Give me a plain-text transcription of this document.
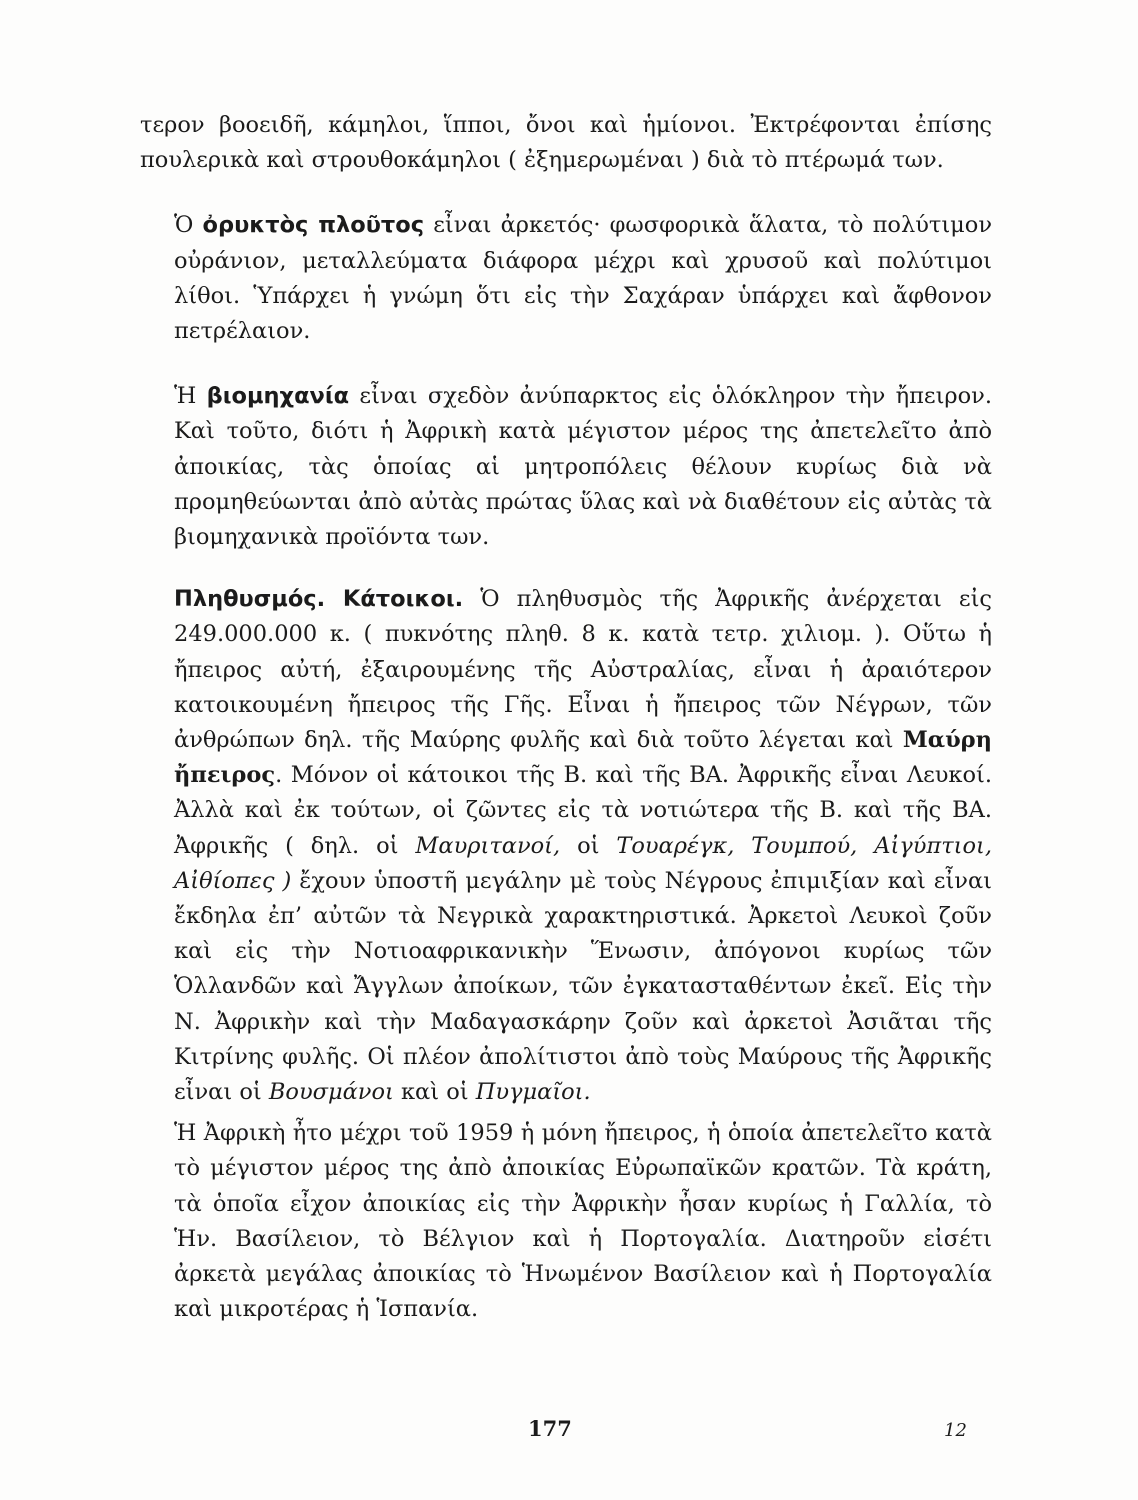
τερον βοοειδῆ, κάμηλοι, ἵπποι, ὄνοι καὶ ἡμίονοι. Ἐκτρέφονται ἐπίσης πουλερικὰ καὶ στρουθοκάμηλοι ( ἐξημερωμέναι ) διὰ τὸ πτέρωμά των.

Ὁ ὀρυκτὸς πλοῦτος εἶναι ἀρκετός· φωσφορικὰ ἅλατα, τὸ πολύτιμον οὐράνιον, μεταλλεύματα διάφορα μέχρι καὶ χρυσοῦ καὶ πολύτιμοι λίθοι. Ὑπάρχει ἡ γνώμη ὅτι εἰς τὴν Σαχάραν ὑπάρχει καὶ ἄφθονον πετρέλαιον.

Ἡ βιομηχανία εἶναι σχεδὸν ἀνύπαρκτος εἰς ὁλόκληρον τὴν ἤπειρον. Καὶ τοῦτο, διότι ἡ Ἀφρικὴ κατὰ μέγιστον μέρος της ἀπετελεῖτο ἀπὸ ἀποικίας, τὰς ὁποίας αἱ μητροπόλεις θέλουν κυρίως διὰ νὰ προμηθεύωνται ἀπὸ αὐτὰς πρώτας ὕλας καὶ νὰ διαθέτουν εἰς αὐτὰς τὰ βιομηχανικὰ προϊόντα των.

Πληθυσμός. Κάτοικοι. Ὁ πληθυσμὸς τῆς Ἀφρικῆς ἀνέρχεται εἰς 249.000.000 κ. ( πυκνότης πληθ. 8 κ. κατὰ τετρ. χιλιομ. ). Οὕτω ἡ ἤπειρος αὐτή, ἐξαιρουμένης τῆς Αὐστραλίας, εἶναι ἡ ἀραιότερον κατοικουμένη ἤπειρος τῆς Γῆς. Εἶναι ἡ ἤπειρος τῶν Νέγρων, τῶν ἀνθρώπων δηλ. τῆς Μαύρης φυλῆς καὶ διὰ τοῦτο λέγεται καὶ Μαύρη ἤπειρος. Μόνον οἱ κάτοικοι τῆς Β. καὶ τῆς ΒΑ. Ἀφρικῆς εἶναι Λευκοί. Ἀλλὰ καὶ ἐκ τούτων, οἱ ζῶντες εἰς τὰ νοτιώτερα τῆς Β. καὶ τῆς ΒΑ. Ἀφρικῆς ( δηλ. οἱ Μαυριτανοί, οἱ Τουαρέγκ, Τουμπού, Αἰγύπτιοι, Αἰθίοπες ) ἔχουν ὑποστῆ μεγάλην μὲ τοὺς Νέγρους ἐπιμιξίαν καὶ εἶναι ἔκδηλα ἐπ’ αὐτῶν τὰ Νεγρικὰ χαρακτηριστικά. Ἀρκετοὶ Λευκοὶ ζοῦν καὶ εἰς τὴν Νοτιοαφρικανικὴν Ἕνωσιν, ἀπόγονοι κυρίως τῶν Ὁλλανδῶν καὶ Ἄγγλων ἀποίκων, τῶν ἐγκατασταθέντων ἐκεῖ. Εἰς τὴν Ν. Ἀφρικὴν καὶ τὴν Μαδαγασκάρην ζοῦν καὶ ἀρκετοὶ Ἀσιᾶται τῆς Κιτρίνης φυλῆς. Οἱ πλέον ἀπολίτιστοι ἀπὸ τοὺς Μαύρους τῆς Ἀφρικῆς εἶναι οἱ Βουσμάνοι καὶ οἱ Πυγμαῖοι.

Ἡ Ἀφρικὴ ἦτο μέχρι τοῦ 1959 ἡ μόνη ἤπειρος, ἡ ὁποία ἀπετελεῖτο κατὰ τὸ μέγιστον μέρος της ἀπὸ ἀποικίας Εὐρωπαϊκῶν κρατῶν. Τὰ κράτη, τὰ ὁποῖα εἶχον ἀποικίας εἰς τὴν Ἀφρικὴν ἦσαν κυρίως ἡ Γαλλία, τὸ Ἡν. Βασίλειον, τὸ Βέλγιον καὶ ἡ Πορτογαλία. Διατηροῦν εἰσέτι ἀρκετὰ μεγάλας ἀποικίας τὸ Ἡνωμένον Βασίλειον καὶ ἡ Πορτογαλία καὶ μικροτέρας ἡ Ἱσπανία.

177	12
